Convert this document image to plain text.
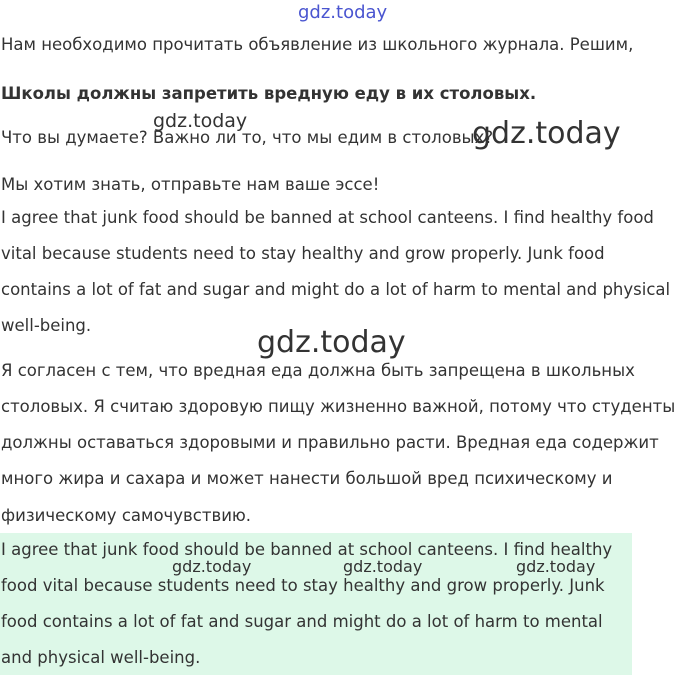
gdz.today
Нам необходимо прочитать объявление из школьного журнала. Решим,
Школы должны запретить вредную еду в их столовых.
Что вы думаете? Важно ли то, что мы едим в столовых?
Мы хотим знать, отправьте нам ваше эссе!
I agree that junk food should be banned at school canteens. I find healthy food
vital because students need to stay healthy and grow properly. Junk food
contains a lot of fat and sugar and might do a lot of harm to mental and physical
well-being.
Я согласен с тем, что вредная еда должна быть запрещена в школьных
столовых. Я считаю здоровую пищу жизненно важной, потому что студенты
должны оставаться здоровыми и правильно расти. Вредная еда содержит
много жира и сахара и может нанести большой вред психическому и
физическому самочувствию.
I agree that junk food should be banned at school canteens. I find healthy
food vital because students need to stay healthy and grow properly. Junk
food contains a lot of fat and sugar and might do a lot of harm to mental
and physical well-being.
gdz.today	gdz.today
gdz.today
gdz.today	gdz.today	gdz.today
